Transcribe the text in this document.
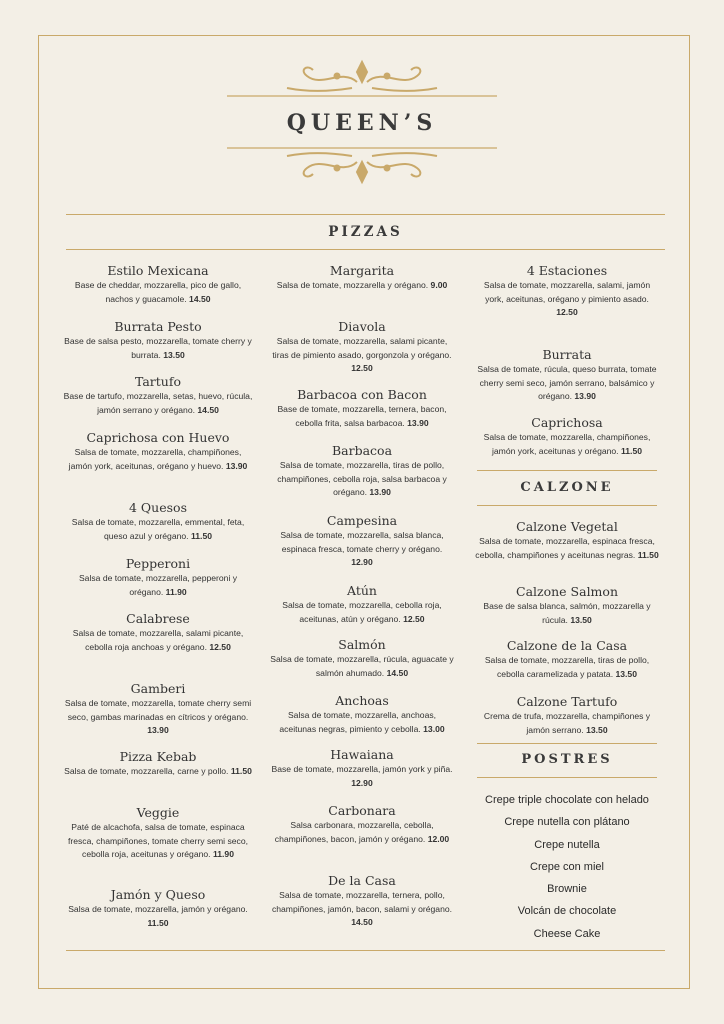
QUEEN’S
PIZZAS
Estilo Mexicana
Base de cheddar, mozzarella, pico de gallo, nachos y guacamole. 14.50
Burrata Pesto
Base de salsa pesto, mozzarella, tomate cherry y burrata. 13.50
Tartufo
Base de tartufo, mozzarella, setas, huevo, rúcula, jamón serrano y orégano. 14.50
Caprichosa con Huevo
Salsa de tomate, mozzarella, champiñones, jamón york, aceitunas, orégano y huevo. 13.90
4 Quesos
Salsa de tomate, mozzarella, emmental, feta, queso azul y orégano. 11.50
Pepperoni
Salsa de tomate, mozzarella, pepperoni y orégano. 11.90
Calabrese
Salsa de tomate, mozzarella, salami picante, cebolla roja anchoas y orégano. 12.50
Gamberi
Salsa de tomate, mozzarella, tomate cherry semi seco, gambas marinadas en cítricos y orégano. 13.90
Pizza Kebab
Salsa de tomate, mozzarella, carne y pollo. 11.50
Veggie
Paté de alcachofa, salsa de tomate, espinaca fresca, champiñones, tomate cherry semi seco, cebolla roja, aceitunas y orégano. 11.90
Jamón y Queso
Salsa de tomate, mozzarella, jamón y orégano. 11.50
Margarita
Salsa de tomate, mozzarella y orégano. 9.00
Diavola
Salsa de tomate, mozzarella, salami picante, tiras de pimiento asado, gorgonzola y orégano. 12.50
Barbacoa con Bacon
Base de tomate, mozzarella, ternera, bacon, cebolla frita, salsa barbacoa. 13.90
Barbacoa
Salsa de tomate, mozzarella, tiras de pollo, champiñones, cebolla roja, salsa barbacoa y orégano. 13.90
Campesina
Salsa de tomate, mozzarella, salsa blanca, espinaca fresca, tomate cherry y orégano. 12.90
Atún
Salsa de tomate, mozzarella, cebolla roja, aceitunas, atún y orégano. 12.50
Salmón
Salsa de tomate, mozzarella, rúcula, aguacate y salmón ahumado. 14.50
Anchoas
Salsa de tomate, mozzarella, anchoas, aceitunas negras, pimiento y cebolla. 13.00
Hawaiana
Base de tomate, mozzarella, jamón york y piña. 12.90
Carbonara
Salsa carbonara, mozzarella, cebolla, champiñones, bacon, jamón y orégano. 12.00
De la Casa
Salsa de tomate, mozzarella, ternera, pollo, champiñones, jamón, bacon, salami y orégano. 14.50
4 Estaciones
Salsa de tomate, mozzarella, salami, jamón york, aceitunas, orégano y pimiento asado. 12.50
Burrata
Salsa de tomate, rúcula, queso burrata, tomate cherry semi seco, jamón serrano, balsámico y orégano. 13.90
Caprichosa
Salsa de tomate, mozzarella, champiñones, jamón york, aceitunas y orégano. 11.50
CALZONE
Calzone Vegetal
Salsa de tomate, mozzarella, espinaca fresca, cebolla, champiñones y aceitunas negras. 11.50
Calzone Salmon
Base de salsa blanca, salmón, mozzarella y rúcula. 13.50
Calzone de la Casa
Salsa de tomate, mozzarella, tiras de pollo, cebolla caramelizada y patata. 13.50
Calzone Tartufo
Crema de trufa, mozzarella, champiñones y jamón serrano. 13.50
POSTRES
Crepe triple chocolate con helado
Crepe nutella con plátano
Crepe nutella
Crepe con miel
Brownie
Volcán de chocolate
Cheese Cake
